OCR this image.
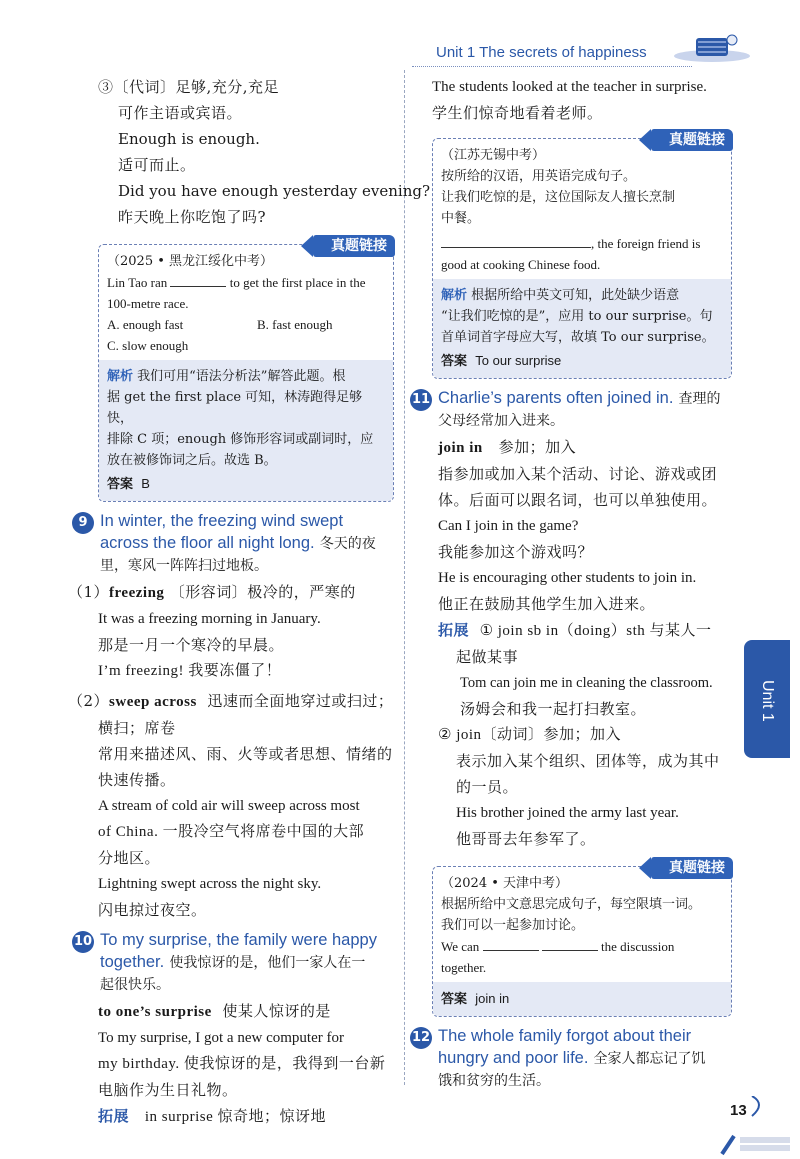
Unit 1 The secrets of happiness

③〔代词〕足够,充分,充足

可作主语或宾语。

Enough is enough.

适可而止。

Did you have enough yesterday evening?

昨天晚上你吃饱了吗?

真题链接

（2025 • 黑龙江绥化中考）

Lin Tao ran	to get the first place in the

100-metre race.

A. enough fast	B. fast enough

C. slow enough

解析 我们可用“语法分析法”解答此题。根

据 get the first place 可知，林涛跑得足够快，

排除 C 项；enough 修饰形容词或副词时，应

放在被修饰词之后。故选 B。

答案 B

9 In winter, the freezing wind swept
across the floor all night long. 冬天的夜
里，寒风一阵阵扫过地板。

（1）freezing 〔形容词〕极冷的，严寒的

It was a freezing morning in January.

那是一月一个寒冷的早晨。

I’m freezing! 我要冻僵了！

（2）sweep across 迅速而全面地穿过或扫过；

横扫；席卷

常用来描述风、雨、火等或者思想、情绪的

快速传播。

A stream of cold air will sweep across most

of China. 一股冷空气将席卷中国的大部

分地区。

Lightning swept across the night sky.

闪电掠过夜空。

10 To my surprise, the family were happy
together. 使我惊讶的是，他们一家人在一
起很快乐。

to one’s surprise 使某人惊讶的是

To my surprise, I got a new computer for

my birthday. 使我惊讶的是，我得到一台新

电脑作为生日礼物。

拓展 in surprise 惊奇地；惊讶地

The students looked at the teacher in surprise.

学生们惊奇地看着老师。

真题链接

（江苏无锡中考）

按所给的汉语，用英语完成句子。

让我们吃惊的是，这位国际友人擅长烹制

中餐。

, the foreign friend is

good at cooking Chinese food.

解析 根据所给中英文可知，此处缺少语意

“让我们吃惊的是”，应用 to our surprise。句

首单词首字母应大写，故填 To our surprise。

答案 To our surprise

11 Charlie’s parents often joined in. 查理的
父母经常加入进来。

join in 参加；加入

指参加或加入某个活动、讨论、游戏或团

体。后面可以跟名词，也可以单独使用。

Can I join in the game?

我能参加这个游戏吗？

He is encouraging other students to join in.

他正在鼓励其他学生加入进来。

拓展 ① join sb in（doing）sth 与某人一

起做某事

Tom can join me in cleaning the classroom.

汤姆会和我一起打扫教室。

② join〔动词〕参加；加入

表示加入某个组织、团体等，成为其中

的一员。

His brother joined the army last year.

他哥哥去年参军了。

真题链接

（2024 • 天津中考）

根据所给中文意思完成句子，每空限填一词。

我们可以一起参加讨论。

We can	the discussion

together.

答案 join in

12 The whole family forgot about their
hungry and poor life. 全家人都忘记了饥
饿和贫穷的生活。
Unit 1
13
